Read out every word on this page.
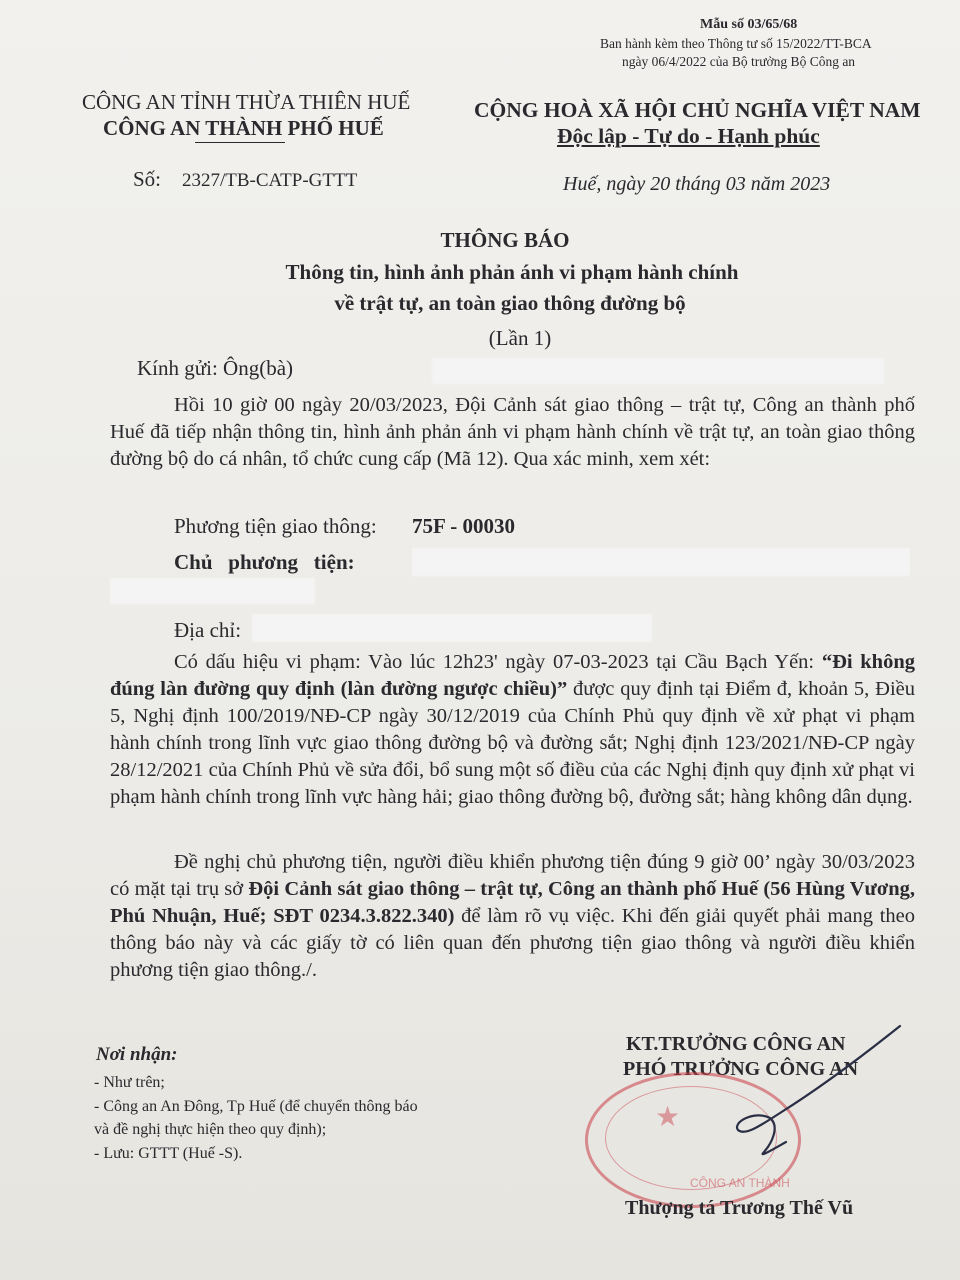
Mẫu số 03/65/68
Ban hành kèm theo Thông tư số 15/2022/TT-BCA
ngày 06/4/2022 của Bộ trưởng Bộ Công an
CÔNG AN TỈNH THỪA THIÊN HUẾ
CÔNG AN THÀNH PHỐ HUẾ
Số: 2327/TB-CATP-GTTT
CỘNG HOÀ XÃ HỘI CHỦ NGHĨA VIỆT NAM
Độc lập - Tự do - Hạnh phúc
Huế, ngày 20 tháng 03 năm 2023
THÔNG BÁO
Thông tin, hình ảnh phản ánh vi phạm hành chính
về trật tự, an toàn giao thông đường bộ
(Lần 1)
Kính gửi: Ông(bà)
Hồi 10 giờ 00 ngày 20/03/2023, Đội Cảnh sát giao thông – trật tự, Công an thành phố Huế đã tiếp nhận thông tin, hình ảnh phản ánh vi phạm hành chính về trật tự, an toàn giao thông đường bộ do cá nhân, tổ chức cung cấp (Mã 12). Qua xác minh, xem xét:
Phương tiện giao thông: 75F - 00030
Chủ   phương   tiện:
Địa chỉ:
Có dấu hiệu vi phạm: Vào lúc 12h23' ngày 07-03-2023 tại Cầu Bạch Yến: “Đi không đúng làn đường quy định (làn đường ngược chiều)” được quy định tại Điểm đ, khoản 5, Điều 5, Nghị định 100/2019/NĐ-CP ngày 30/12/2019 của Chính Phủ quy định về xử phạt vi phạm hành chính trong lĩnh vực giao thông đường bộ và đường sắt; Nghị định 123/2021/NĐ-CP ngày 28/12/2021 của Chính Phủ về sửa đổi, bổ sung một số điều của các Nghị định quy định xử phạt vi phạm hành chính trong lĩnh vực hàng hải; giao thông đường bộ, đường sắt; hàng không dân dụng.
Đề nghị chủ phương tiện, người điều khiển phương tiện đúng 9 giờ 00’ ngày 30/03/2023 có mặt tại trụ sở Đội Cảnh sát giao thông – trật tự, Công an thành phố Huế (56 Hùng Vương, Phú Nhuận, Huế; SĐT 0234.3.822.340) để làm rõ vụ việc. Khi đến giải quyết phải mang theo thông báo này và các giấy tờ có liên quan đến phương tiện giao thông và người điều khiển phương tiện giao thông./.
Nơi nhận:
- Như trên;
- Công an An Đông, Tp Huế (để chuyển thông báo
và đề nghị thực hiện theo quy định);
- Lưu: GTTT (Huế -S).
KT.TRƯỞNG CÔNG AN
PHÓ TRƯỞNG CÔNG AN
★
CÔNG AN THÀNH
Thượng tá Trương Thế Vũ
